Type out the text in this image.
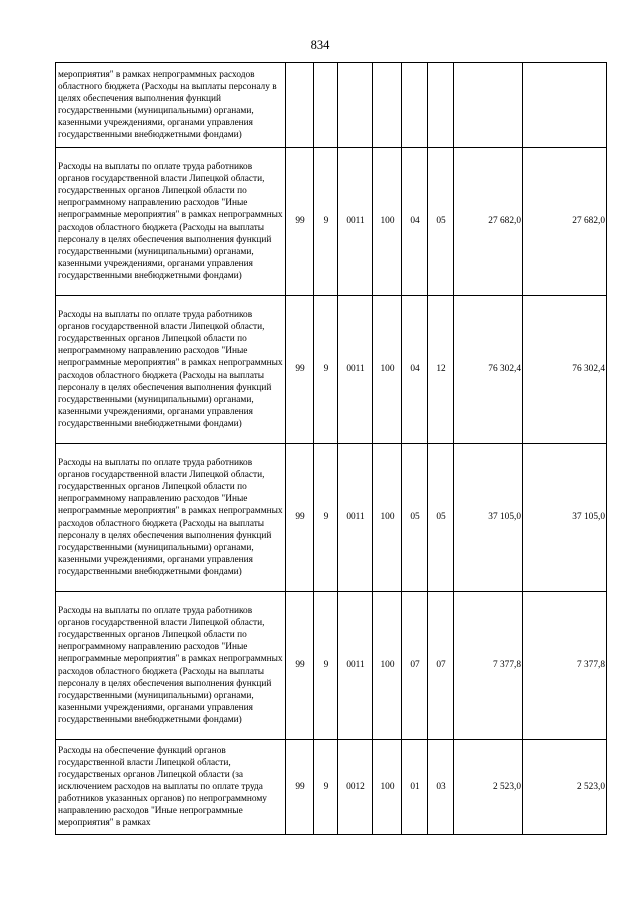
834
мероприятия" в рамках непрограммных расходов областного бюджета (Расходы на выплаты персоналу в целях обеспечения выполнения функций государственными (муниципальными) органами, казенными учреждениями, органами управления государственными внебюджетными фондами)								
Расходы на выплаты по оплате труда работников органов государственной власти Липецкой области, государственных органов Липецкой области по непрограммному направлению расходов "Иные непрограммные мероприятия" в рамках непрограммных расходов областного бюджета (Расходы на выплаты персоналу в целях обеспечения выполнения функций государственными (муниципальными) органами, казенными учреждениями, органами управления государственными внебюджетными фондами)	99	9	0011	100	04	05	27 682,0	27 682,0
Расходы на выплаты по оплате труда работников органов государственной власти Липецкой области, государственных органов Липецкой области по непрограммному направлению расходов "Иные непрограммные мероприятия" в рамках непрограммных расходов областного бюджета (Расходы на выплаты персоналу в целях обеспечения выполнения функций государственными (муниципальными) органами, казенными учреждениями, органами управления государственными внебюджетными фондами)	99	9	0011	100	04	12	76 302,4	76 302,4
Расходы на выплаты по оплате труда работников органов государственной власти Липецкой области, государственных органов Липецкой области по непрограммному направлению расходов "Иные непрограммные мероприятия" в рамках непрограммных расходов областного бюджета (Расходы на выплаты персоналу в целях обеспечения выполнения функций государственными (муниципальными) органами, казенными учреждениями, органами управления государственными внебюджетными фондами)	99	9	0011	100	05	05	37 105,0	37 105,0
Расходы на выплаты по оплате труда работников органов государственной власти Липецкой области, государственных органов Липецкой области по непрограммному направлению расходов "Иные непрограммные мероприятия" в рамках непрограммных расходов областного бюджета (Расходы на выплаты персоналу в целях обеспечения выполнения функций государственными (муниципальными) органами, казенными учреждениями, органами управления государственными внебюджетными фондами)	99	9	0011	100	07	07	7 377,8	7 377,8
Расходы на обеспечение функций органов государственной власти Липецкой области, государственых органов Липецкой области (за исключением расходов на выплаты по оплате труда работников указанных органов) по непрограммному направлению расходов "Иные непрограммные мероприятия" в рамках	99	9	0012	100	01	03	2 523,0	2 523,0
